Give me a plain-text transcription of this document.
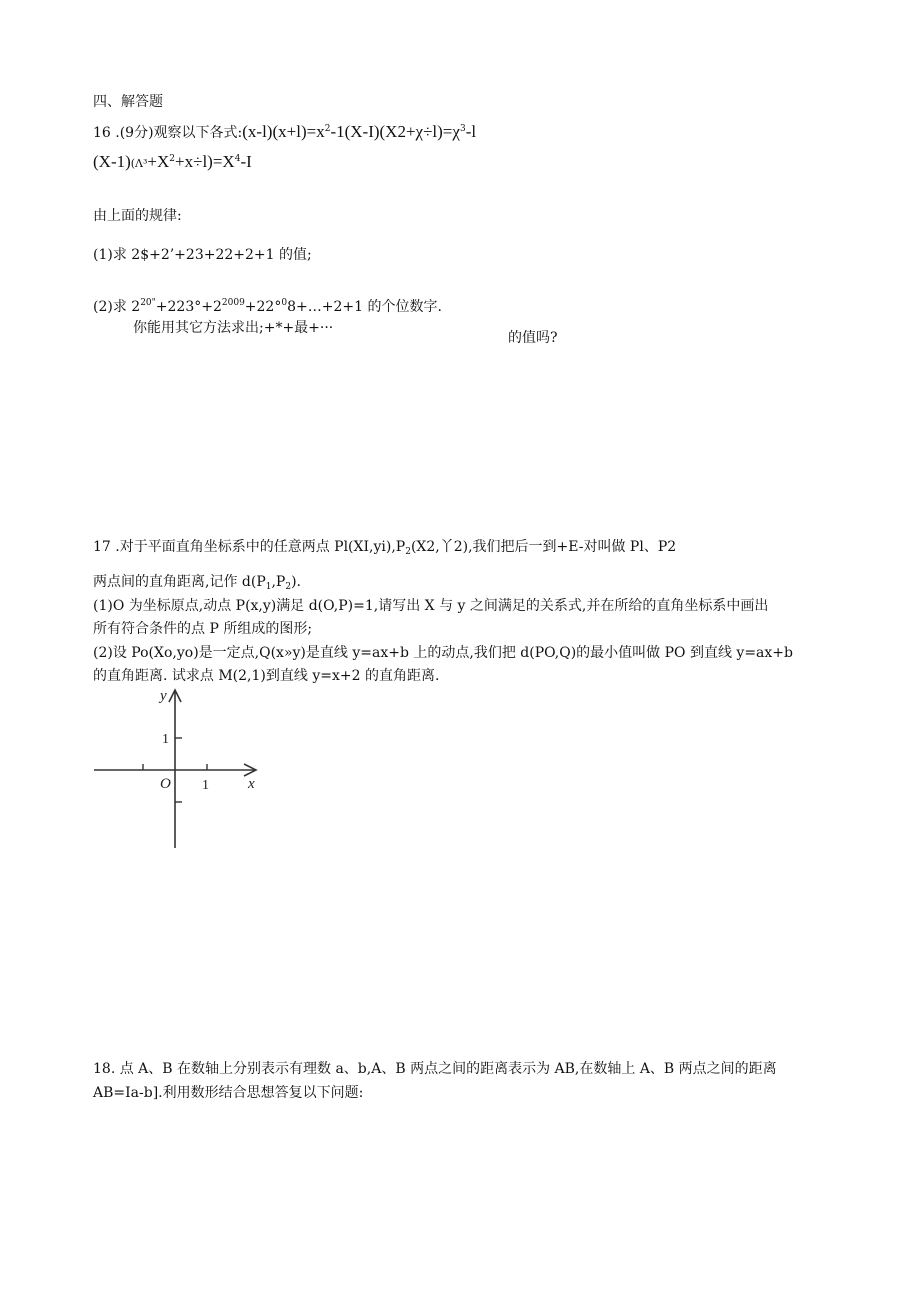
四、解答题
16 .(9分)观察以下各式$:(x-l)(x+l)=x^2-1(X-I)(X2+\chi\div l)=\chi^3-l$
$(X-1)(\Lambda^3+X^2+x\div l)=X^4-I$
由上面的规律:
(1)求 2$+2’+23+22+2+1 的值;
(2)求 $2^{20"}+223^\circ+2^{2009}+22^\circ^08+\dots+2+1$ 的个位数字.
你能用其它方法求出;+*+最+···
的值吗?
17 .对于平面直角坐标系中的任意两点 $Pl(XI,yi),P_2(X2$,丫2),我们把后一到+E-对叫做 Pl、P2
两点间的直角距离,记作 $d(P_1,P_2)$.
(1)O 为坐标原点,动点 P(x,y)满足 d(O,P)=1,请写出 X 与 y 之间满足的关系式,并在所给的直角坐标系中画出
所有符合条件的点 P 所组成的图形;
(2)设 Po(Xo,yo)是一定点,Q(x»y)是直线 y=ax+b 上的动点,我们把 d(PO,Q)的最小值叫做 PO 到直线 y=ax+b
的直角距离. 试求点 M(2,1)到直线 y=x+2 的直角距离.
y
x
O
1
1
18. 点 A、B 在数轴上分别表示有理数 a、b,A、B 两点之间的距离表示为 AB,在数轴上 A、B 两点之间的距离
AB=Ia-b].利用数形结合思想答复以下问题:
